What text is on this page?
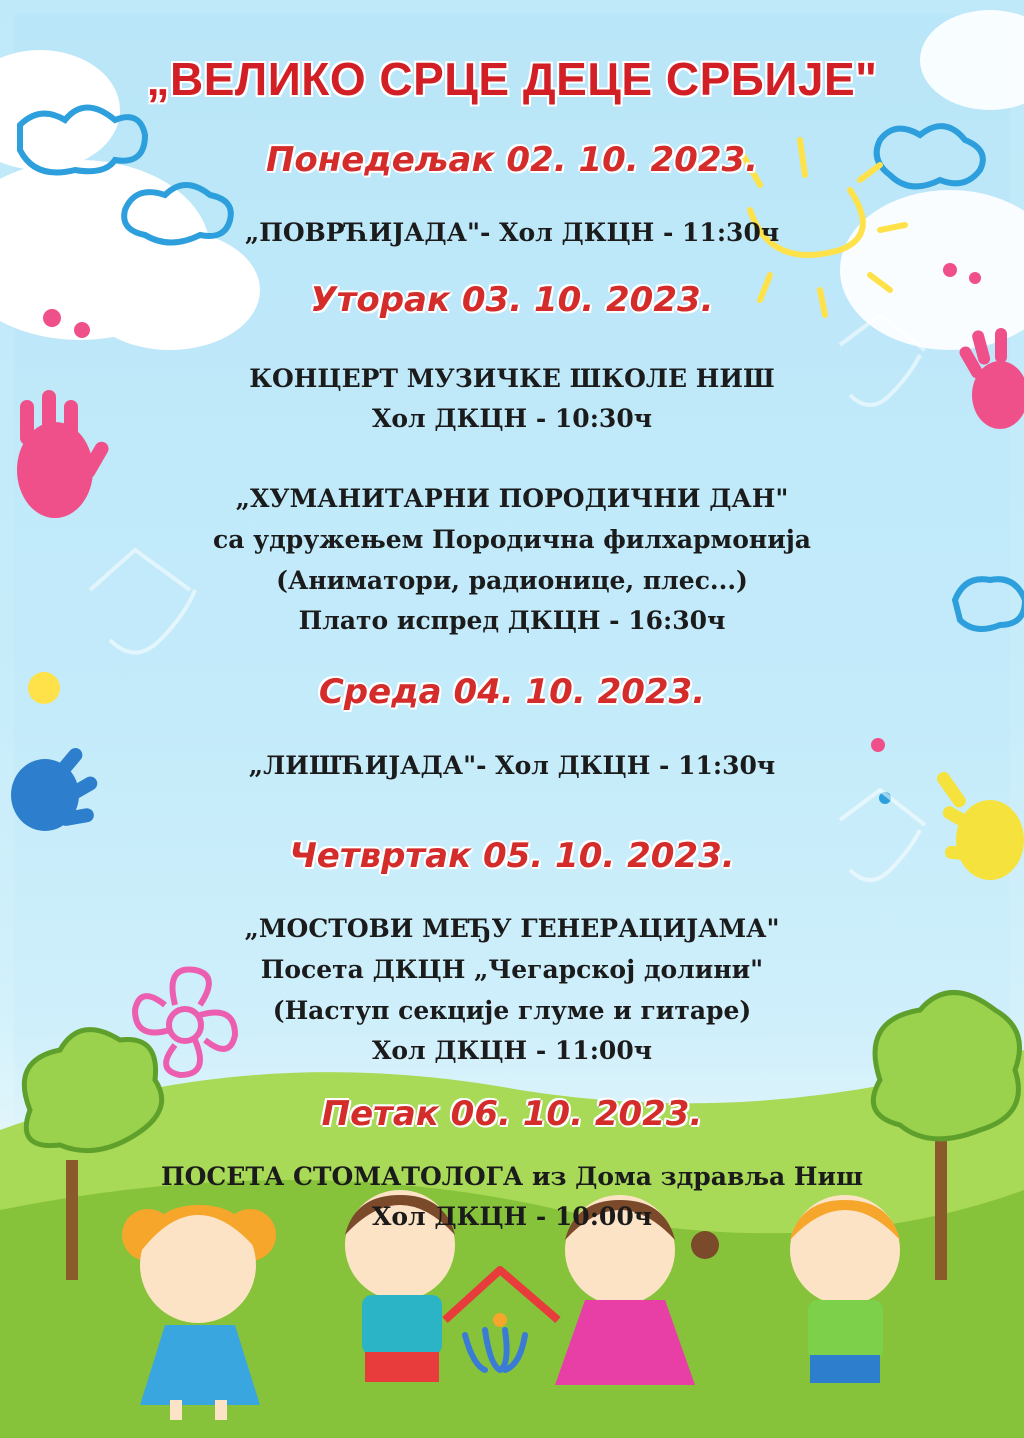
„ВЕЛИКО СРЦЕ ДЕЦЕ СРБИЈЕ"
Понедељак 02. 10. 2023.
„ПОВРЋИЈАДА"- Хол ДКЦН - 11:30ч
Уторак 03. 10. 2023.
КОНЦЕРТ МУЗИЧКЕ ШКОЛЕ НИШ
Хол ДКЦН - 10:30ч
„ХУМАНИТАРНИ ПОРОДИЧНИ ДАН"
са удружењем Породична филхармонија
(Аниматори, радионице, плес...)
Плато испред ДКЦН - 16:30ч
Среда 04. 10. 2023.
„ЛИШЋИЈАДА"- Хол ДКЦН - 11:30ч
Четвртак 05. 10. 2023.
„МОСТОВИ МЕЂУ ГЕНЕРАЦИЈАМА"
Посета ДКЦН „Чегарској долини"
(Наступ секције глуме и гитаре)
Хол ДКЦН - 11:00ч
Петак 06. 10. 2023.
ПОСЕТА СТОМАТОЛОГА из Дома здравља Ниш
Хол ДКЦН - 10:00ч
